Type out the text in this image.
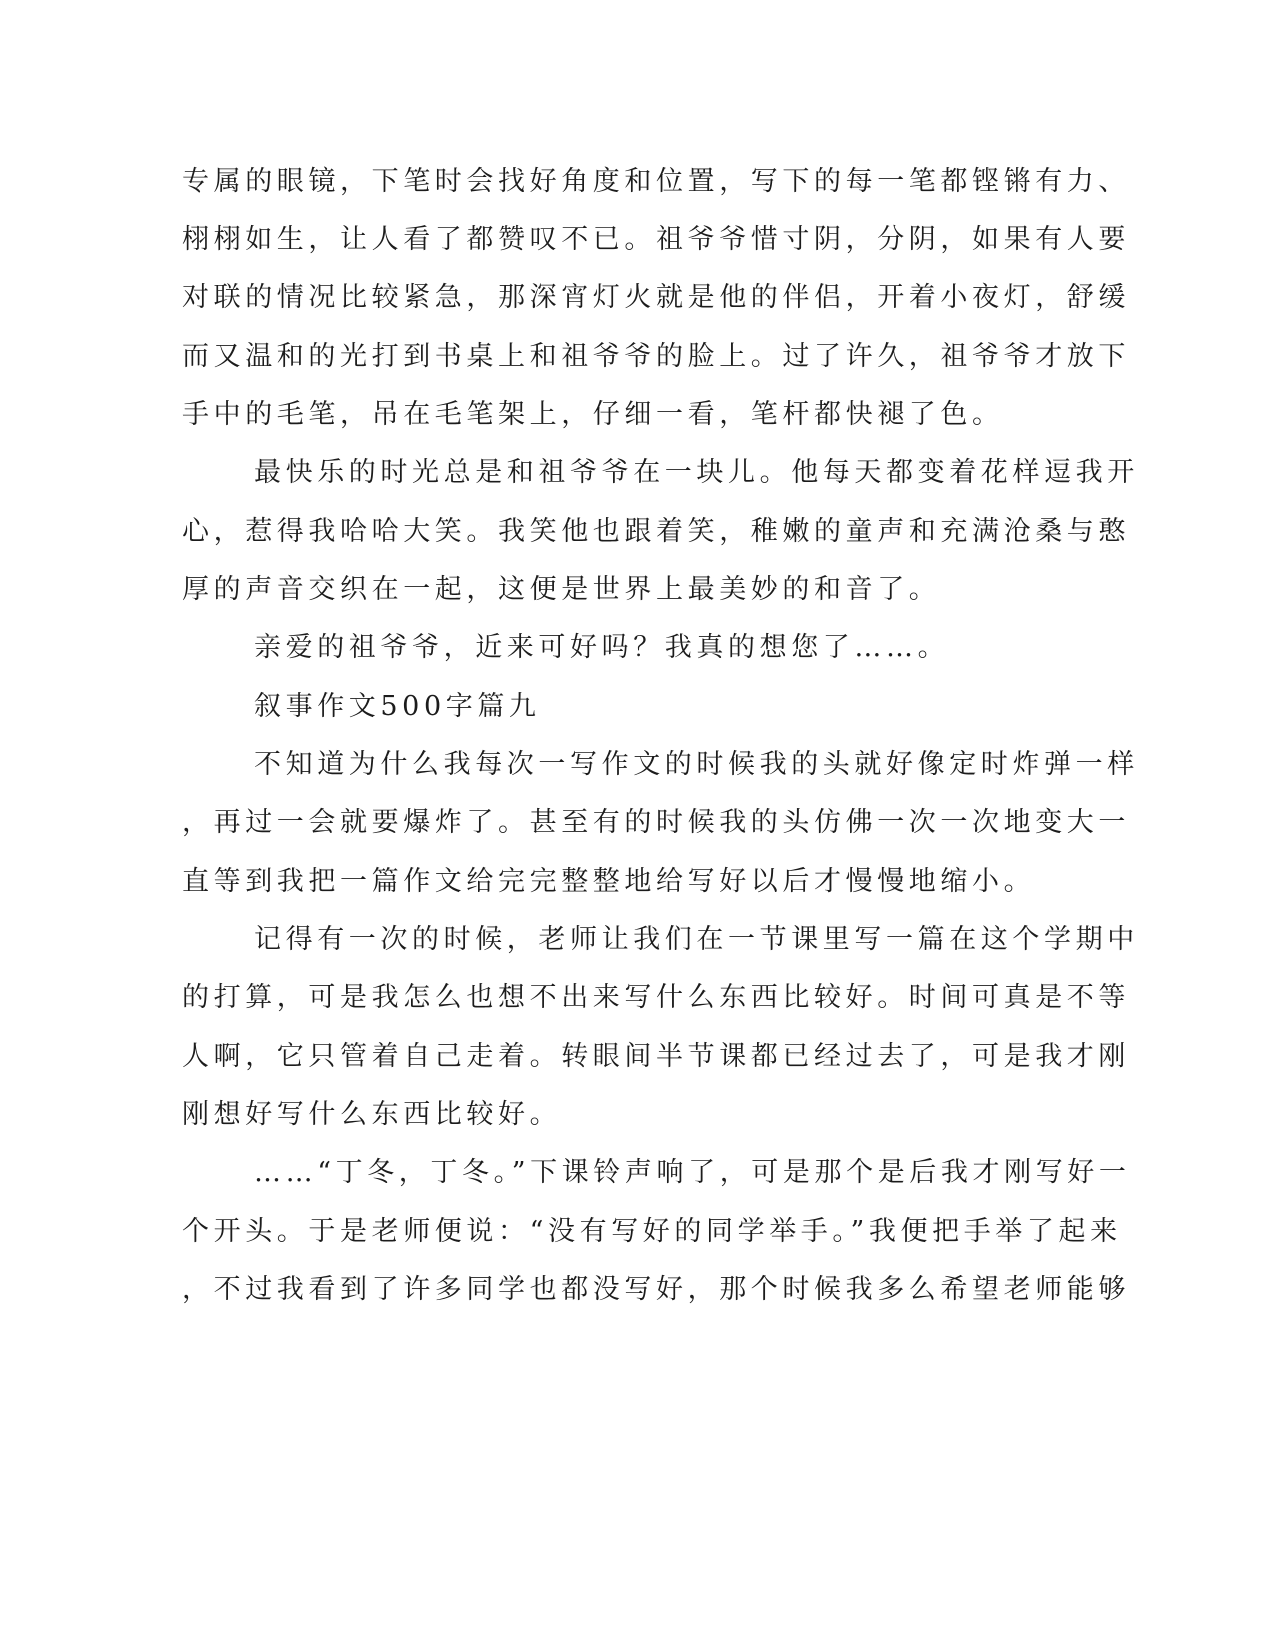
专属的眼镜，下笔时会找好角度和位置，写下的每一笔都铿锵有力、
栩栩如生，让人看了都赞叹不已。祖爷爷惜寸阴，分阴，如果有人要
对联的情况比较紧急，那深宵灯火就是他的伴侣，开着小夜灯，舒缓
而又温和的光打到书桌上和祖爷爷的脸上。过了许久，祖爷爷才放下
手中的毛笔，吊在毛笔架上，仔细一看，笔杆都快褪了色。
最快乐的时光总是和祖爷爷在一块儿。他每天都变着花样逗我开
心，惹得我哈哈大笑。我笑他也跟着笑，稚嫩的童声和充满沧桑与憨
厚的声音交织在一起，这便是世界上最美妙的和音了。
亲爱的祖爷爷，近来可好吗？我真的想您了……。
叙事作文500字篇九
不知道为什么我每次一写作文的时候我的头就好像定时炸弹一样
，再过一会就要爆炸了。甚至有的时候我的头仿佛一次一次地变大一
直等到我把一篇作文给完完整整地给写好以后才慢慢地缩小。
记得有一次的时候，老师让我们在一节课里写一篇在这个学期中
的打算，可是我怎么也想不出来写什么东西比较好。时间可真是不等
人啊，它只管着自己走着。转眼间半节课都已经过去了，可是我才刚
刚想好写什么东西比较好。
……“丁冬，丁冬。”下课铃声响了，可是那个是后我才刚写好一
个开头。于是老师便说：“没有写好的同学举手。”我便把手举了起来
，不过我看到了许多同学也都没写好，那个时候我多么希望老师能够
